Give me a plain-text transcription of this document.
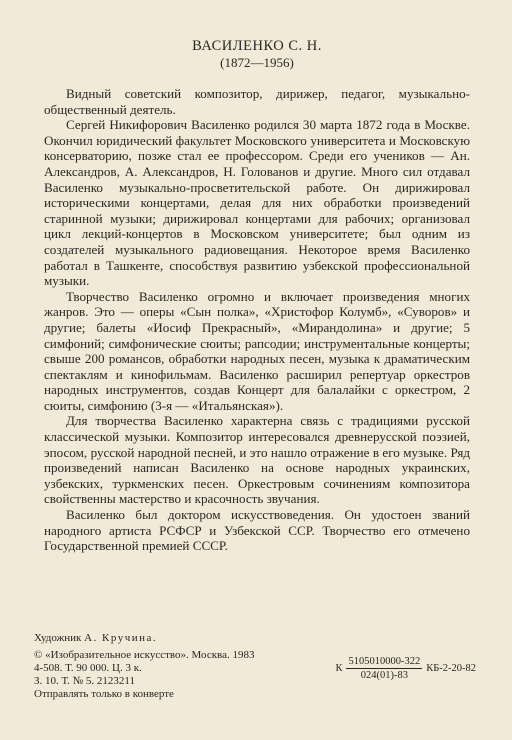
ВАСИЛЕНКО С. Н.
(1872—1956)

Видный советский композитор, дирижер, педагог, музыкально-общественный деятель.

Сергей Никифорович Василенко родился 30 марта 1872 года в Москве. Окончил юридический факультет Московского университета и Московскую консерваторию, позже стал ее профессором. Среди его учеников — Ан. Александров, А. Александров, Н. Голованов и другие. Много сил отдавал Василенко музыкально-просветительской работе. Он дирижировал историческими концертами, делая для них обработки произведений старинной музыки; дирижировал концертами для рабочих; организовал цикл лекций-концертов в Московском университете; был одним из создателей музыкального радиовещания. Некоторое время Василенко работал в Ташкенте, способствуя развитию узбекской профессиональной музыки.

Творчество Василенко огромно и включает произведения многих жанров. Это — оперы «Сын полка», «Христофор Колумб», «Суворов» и другие; балеты «Иосиф Прекрасный», «Мирандолина» и другие; 5 симфоний; симфонические сюиты; рапсодии; инструментальные концерты; свыше 200 романсов, обработки народных песен, музыка к драматическим спектаклям и кинофильмам. Василенко расширил репертуар оркестров народных инструментов, создав Концерт для балалайки с оркестром, 2 сюиты, симфонию (3-я — «Итальянская»).

Для творчества Василенко характерна связь с традициями русской классической музыки. Композитор интересовался древнерусской поэзией, эпосом, русской народной песней, и это нашло отражение в его музыке. Ряд произведений написан Василенко на основе народных украинских, узбекских, туркменских песен. Оркестровым сочинениям композитора свойственны мастерство и красочность звучания.

Василенко был доктором искусствоведения. Он удостоен званий народного артиста РСФСР и Узбекской ССР. Творчество его отмечено Государственной премией СССР.

Художник А. Кручина.
© «Изобразительное искусство». Москва. 1983
4-508. Т. 90 000. Ц. 3 к.
З. 10. Т. № 5. 2123211
Отправлять только в конверте
К $\frac{5105010000-322}{024(01)-83} КБ-2-20-82$
